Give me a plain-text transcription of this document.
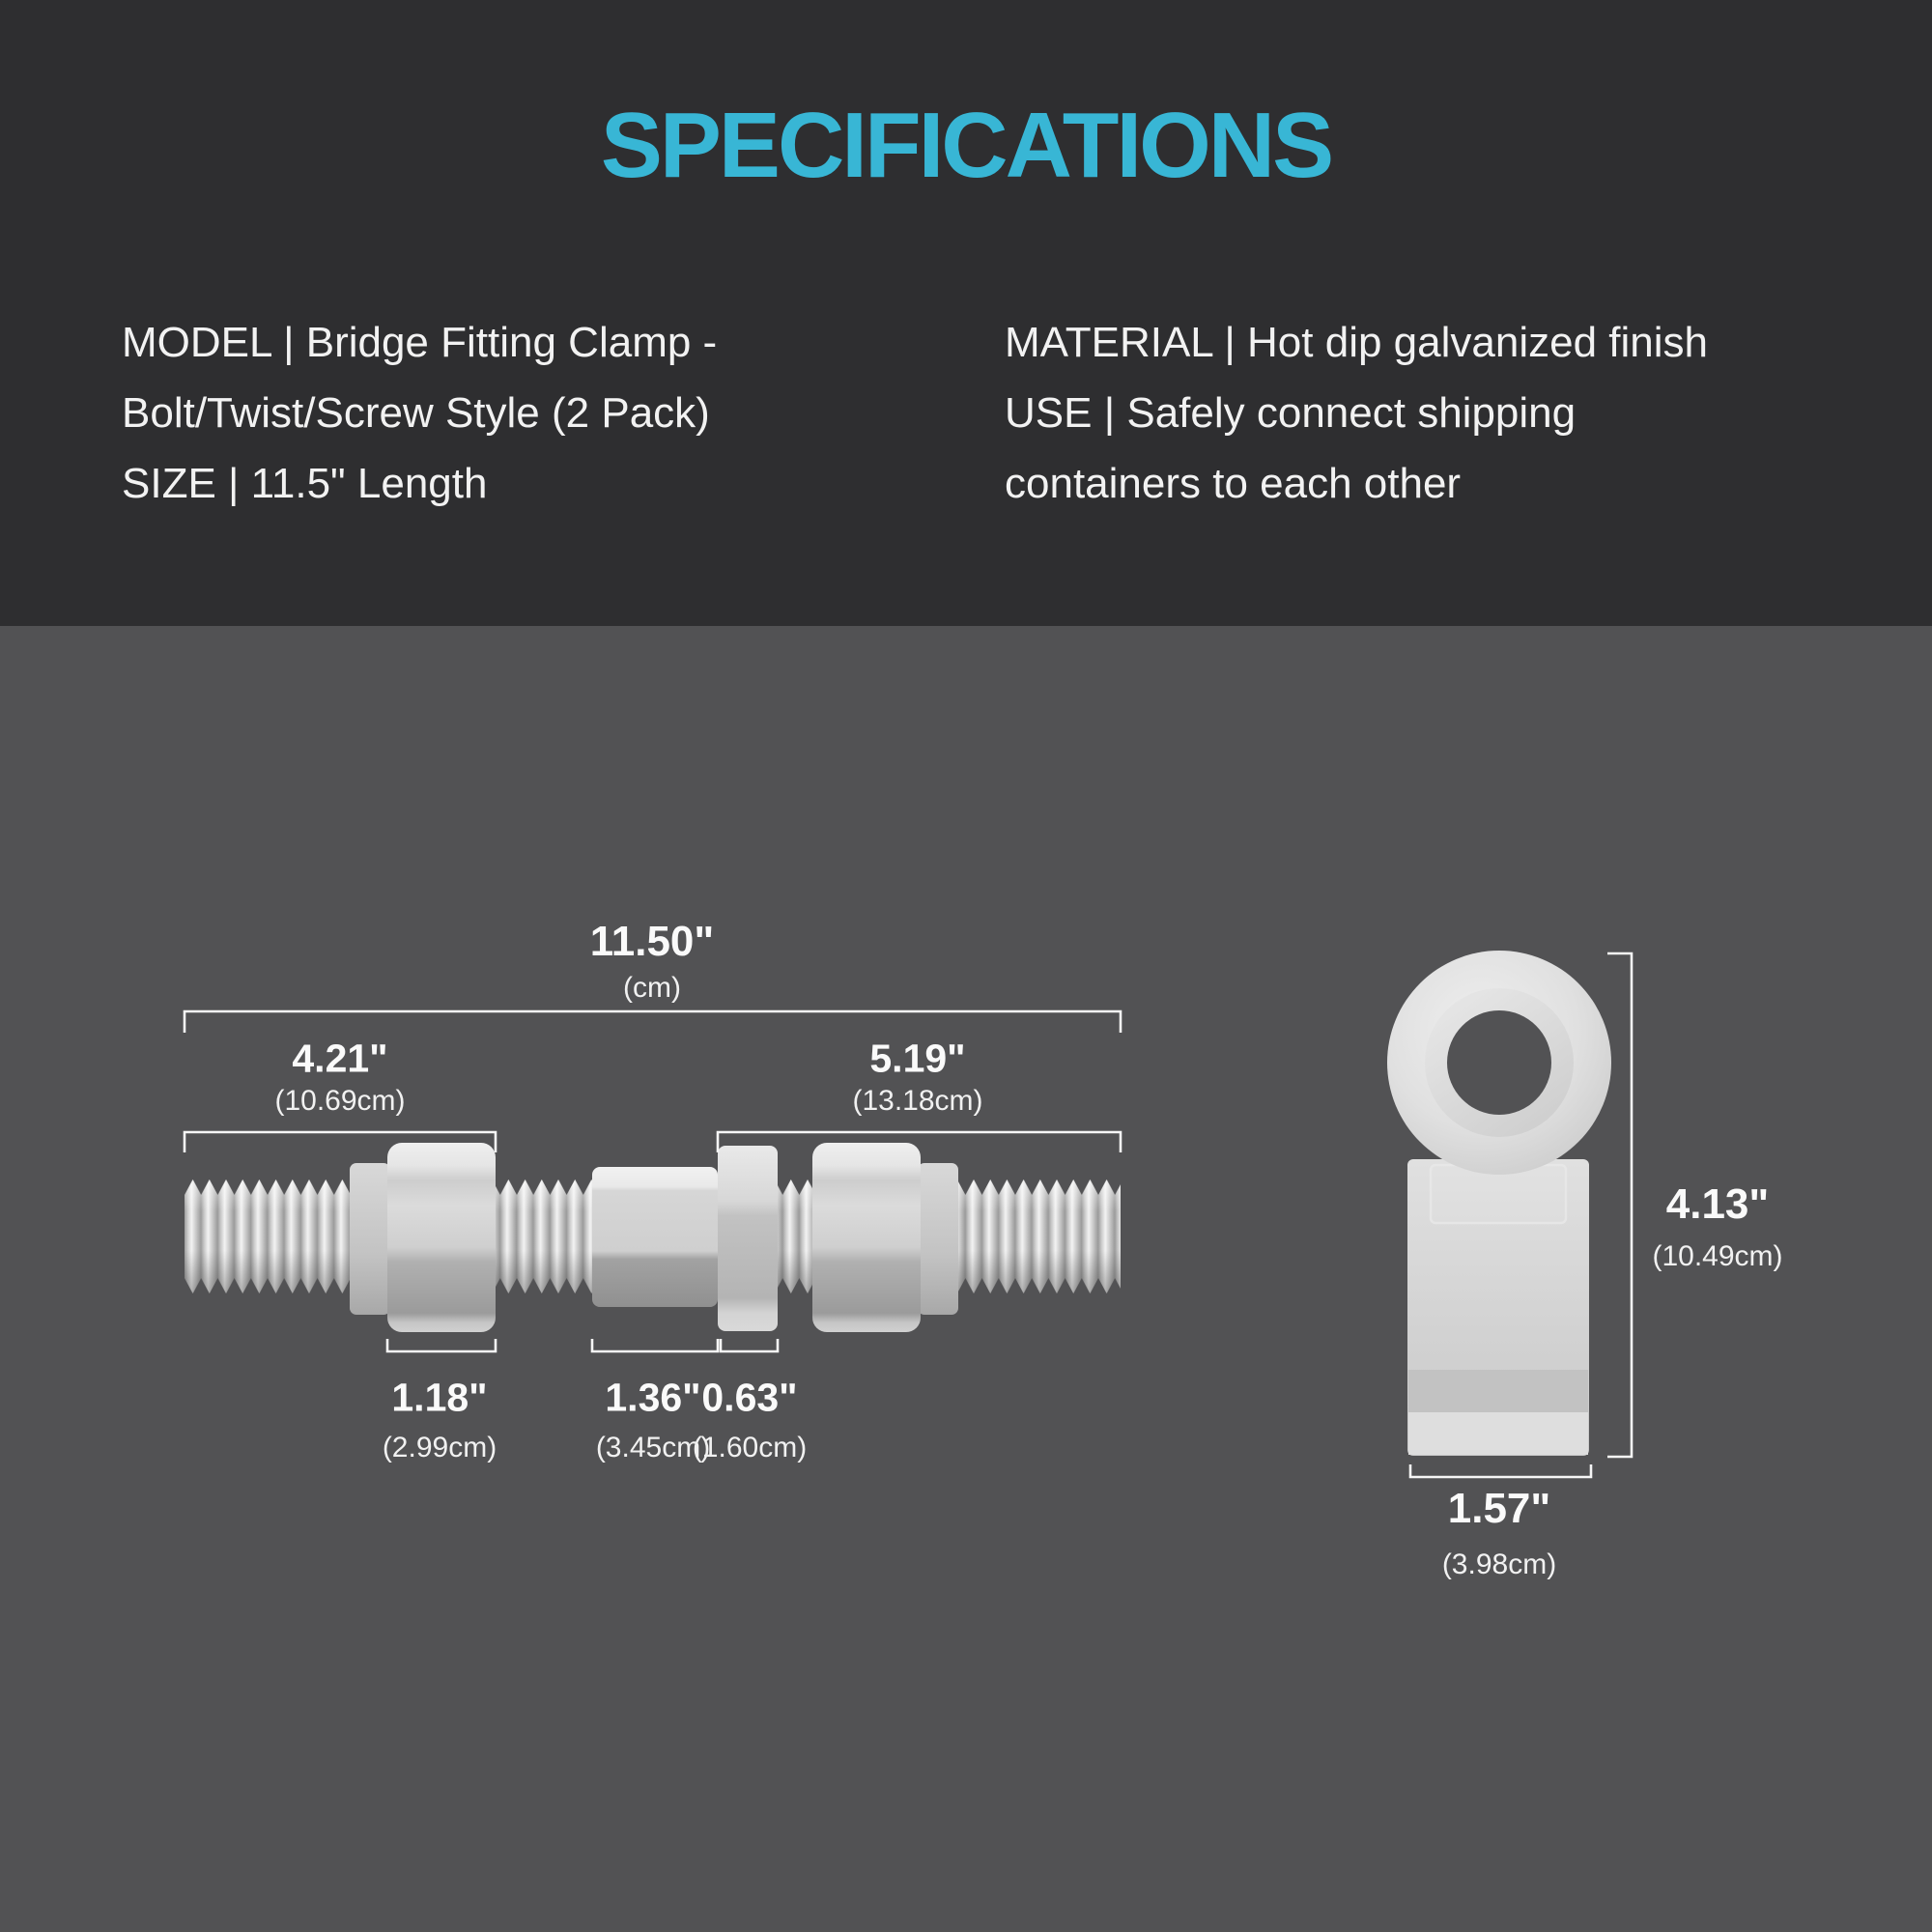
SPECIFICATIONS
MODEL | Bridge Fitting Clamp -
Bolt/Twist/Screw Style (2 Pack)
SIZE | 11.5" Length
MATERIAL | Hot dip galvanized finish
USE | Safely connect shipping
containers to each other
11.50"
(cm)
4.21"
(10.69cm)
5.19"
(13.18cm)
1.18"
(2.99cm)
1.36"
(3.45cm)
0.63"
(1.60cm)
4.13"
(10.49cm)
1.57"
(3.98cm)
